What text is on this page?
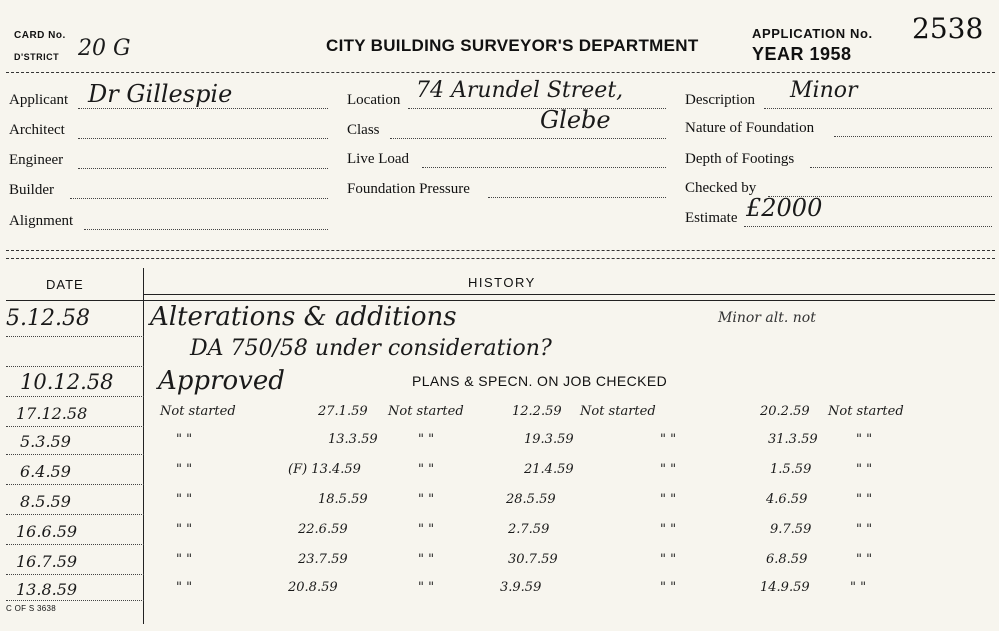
CARD No.
D'STRICT 20 G	CITY BUILDING SURVEYOR'S DEPARTMENT
APPLICATION No. 2538
YEAR 1958
Applicant Dr Gillespie
Architect
Engineer
Builder
Alignment
Location 74 Arundel Street,
Class	Glebe
Live Load
Foundation Pressure
Description Minor
Nature of Foundation
Depth of Footings
Checked by
Estimate £2000
DATE	HISTORY
5.12.58 Alterations & additions	Minor alt. not
DA 750/58 under consideration?
10.12.58 Approved	PLANS & SPECN. ON JOB CHECKED
17.12.58	Not started	27.1.59 Not started	12.2.59 Not started	20.2.59 Not started
5.3.59	" "	13.3.59	" "	19.3.59	" "	31.3.59	" "
6.4.59	" "	(F) 13.4.59	" "	21.4.59	" "	1.5.59	" "
8.5.59	" "	18.5.59	" "	28.5.59	" "	4.6.59	" "
16.6.59	" "	22.6.59	" "	2.7.59	" "	9.7.59	" "
16.7.59	" "	23.7.59	" "	30.7.59	" "	6.8.59	" "
13.8.59	" "	20.8.59	" "	3.9.59	" "	14.9.59	" "
C OF S 3638
